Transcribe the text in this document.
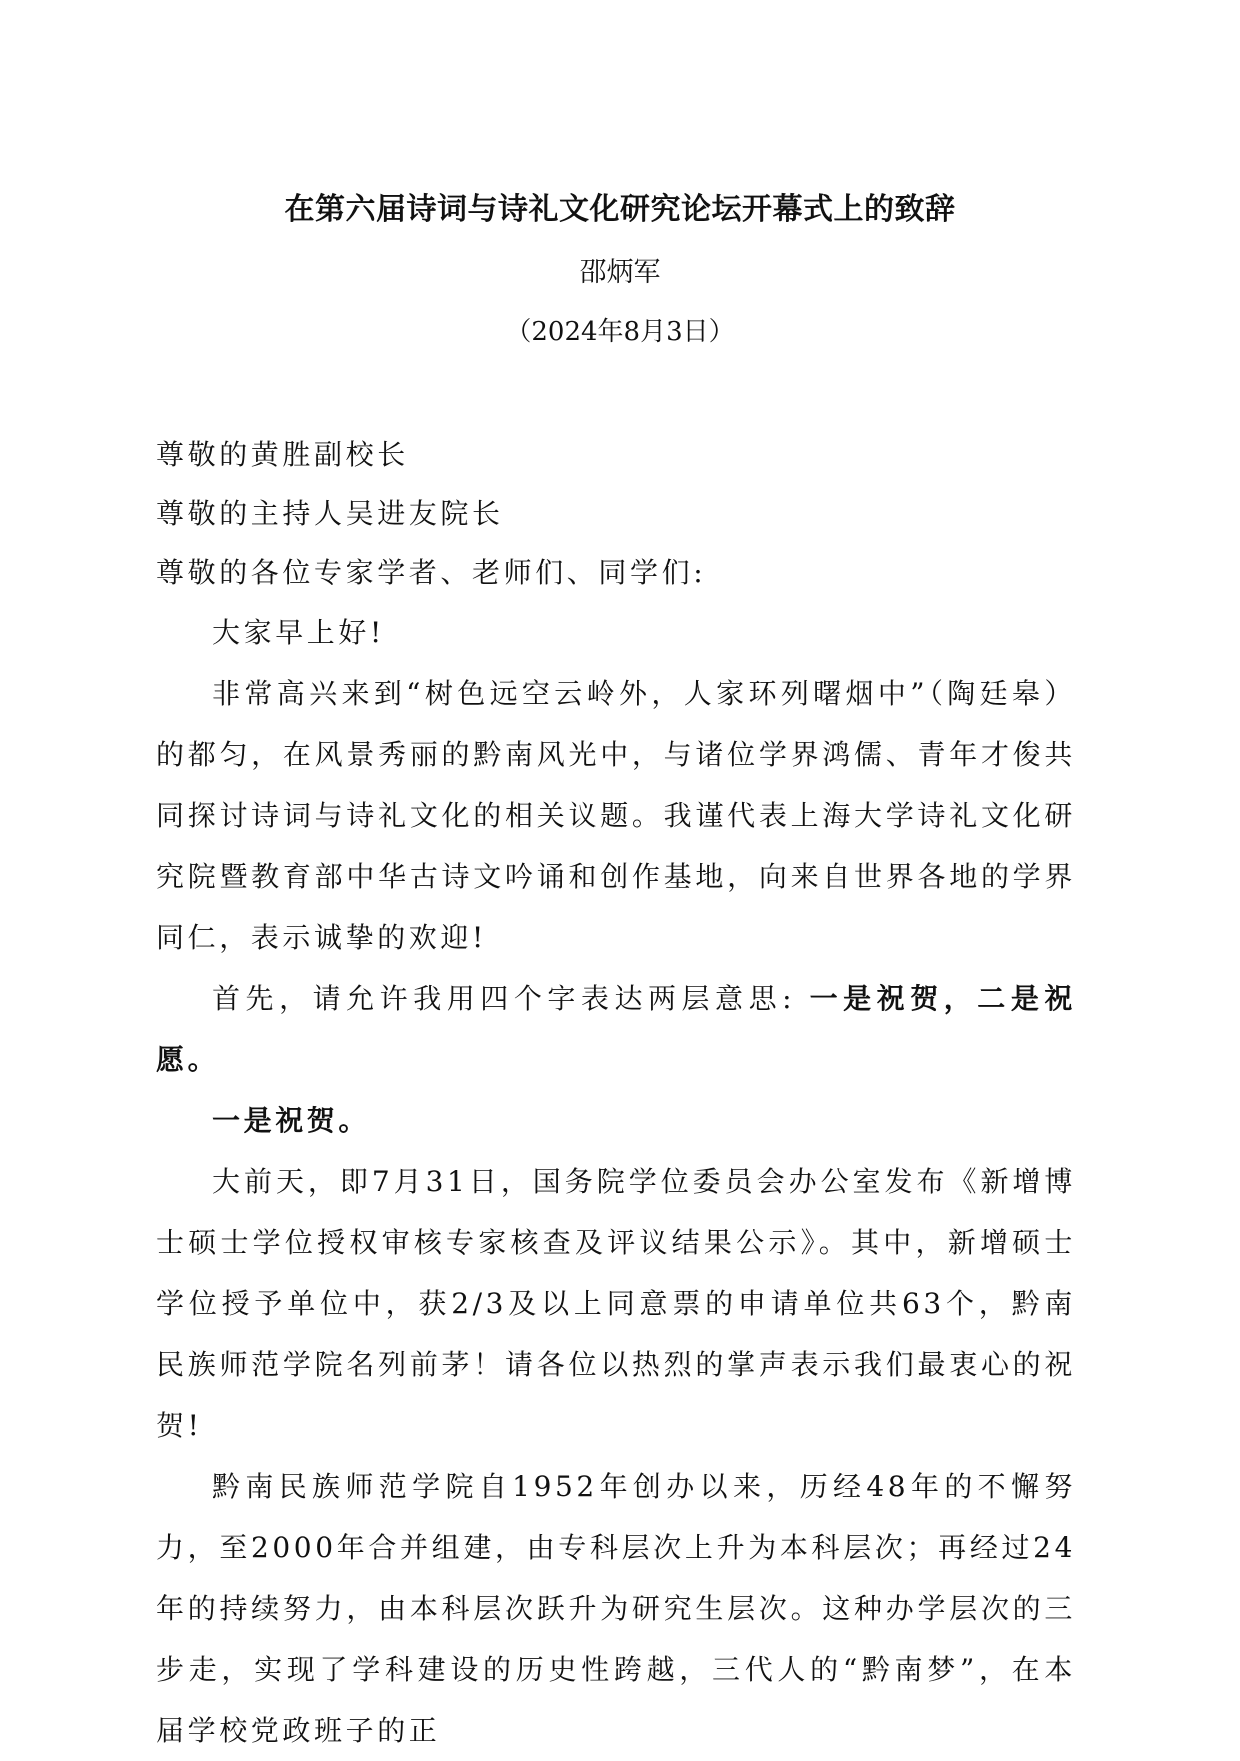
在第六届诗词与诗礼文化研究论坛开幕式上的致辞
邵炳军
（2024年8月3日）

尊敬的黄胜副校长

尊敬的主持人吴进友院长

尊敬的各位专家学者、老师们、同学们:

大家早上好!

非常高兴来到“树色远空云岭外，人家环列曙烟中”（陶廷皋）的都匀，在风景秀丽的黔南风光中，与诸位学界鸿儒、青年才俊共同探讨诗词与诗礼文化的相关议题。我谨代表上海大学诗礼文化研究院暨教育部中华古诗文吟诵和创作基地，向来自世界各地的学界同仁，表示诚挚的欢迎!

首先，请允许我用四个字表达两层意思: 一是祝贺，二是祝愿。

一是祝贺。

大前天，即7月31日，国务院学位委员会办公室发布《新增博士硕士学位授权审核专家核查及评议结果公示》。其中，新增硕士学位授予单位中，获2/3及以上同意票的申请单位共63个，黔南民族师范学院名列前茅！请各位以热烈的掌声表示我们最衷心的祝贺!

黔南民族师范学院自1952年创办以来，历经48年的不懈努力，至2000年合并组建，由专科层次上升为本科层次；再经过24年的持续努力，由本科层次跃升为研究生层次。这种办学层次的三步走，实现了学科建设的历史性跨越，三代人的“黔南梦”，在本届学校党政班子的正
